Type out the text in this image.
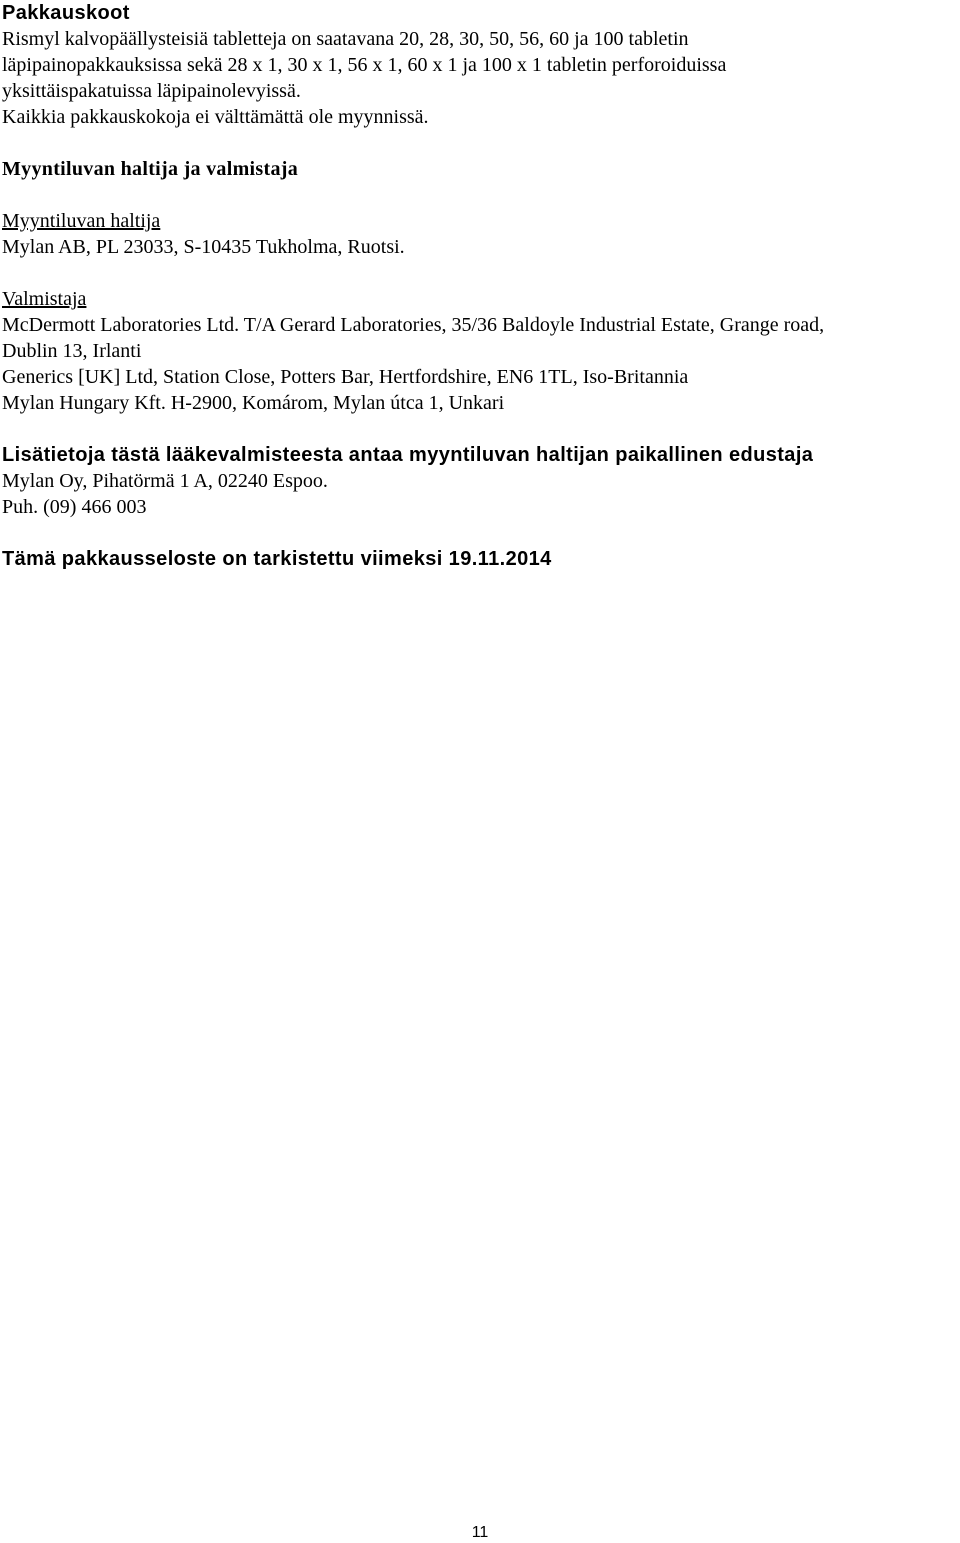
Pakkauskoot
Rismyl kalvopäällysteisiä tabletteja on saatavana 20, 28, 30, 50, 56, 60 ja 100 tabletin
läpipainopakkauksissa sekä 28 x 1, 30 x 1, 56 x 1, 60 x 1 ja 100 x 1 tabletin perforoiduissa
yksittäispakatuissa läpipainolevyissä.
Kaikkia pakkauskokoja ei välttämättä ole myynnissä.
Myyntiluvan haltija ja valmistaja
Myyntiluvan haltija
Mylan AB, PL 23033, S-10435 Tukholma, Ruotsi.
Valmistaja
McDermott Laboratories Ltd. T/A Gerard Laboratories, 35/36 Baldoyle Industrial Estate, Grange road,
Dublin 13, Irlanti
Generics [UK] Ltd, Station Close, Potters Bar, Hertfordshire, EN6 1TL, Iso-Britannia
Mylan Hungary Kft. H-2900, Komárom, Mylan útca 1, Unkari
Lisätietoja tästä lääkevalmisteesta antaa myyntiluvan haltijan paikallinen edustaja
Mylan Oy, Pihatörmä 1 A, 02240 Espoo.
Puh. (09) 466 003
Tämä pakkausseloste on tarkistettu viimeksi 19.11.2014
11
